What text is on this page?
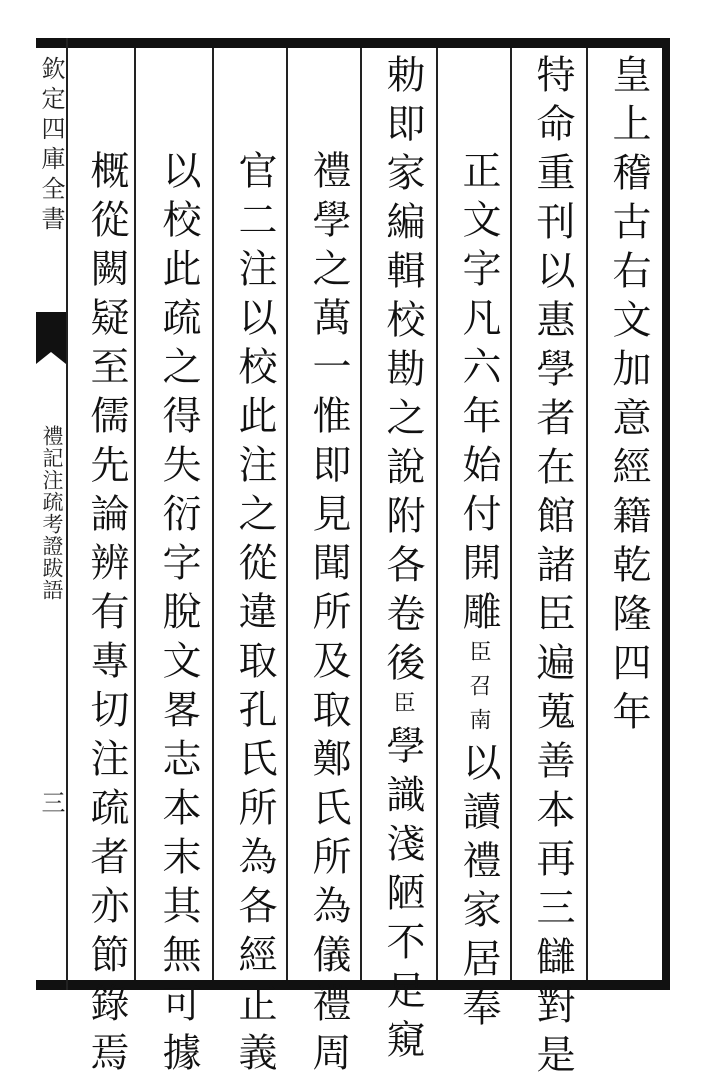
欽定四庫全書
禮記注疏考證跋語
三
皇上稽古右文加意經籍乾隆四年
特命重刊以惠學者在館諸臣遍蒐善本再三讎對是
正文字凡六年始付開雕臣召南以讀禮家居奉
勅即家編輯校勘之說附各卷後臣學識淺陋不足窺
禮學之萬一惟即見聞所及取鄭氏所為儀禮周
官二注以校此注之從違取孔氏所為各經正義
以校此疏之得失衍字脫文畧志本末其無可據
概從闕疑至儒先論辨有專切注疏者亦節錄焉
